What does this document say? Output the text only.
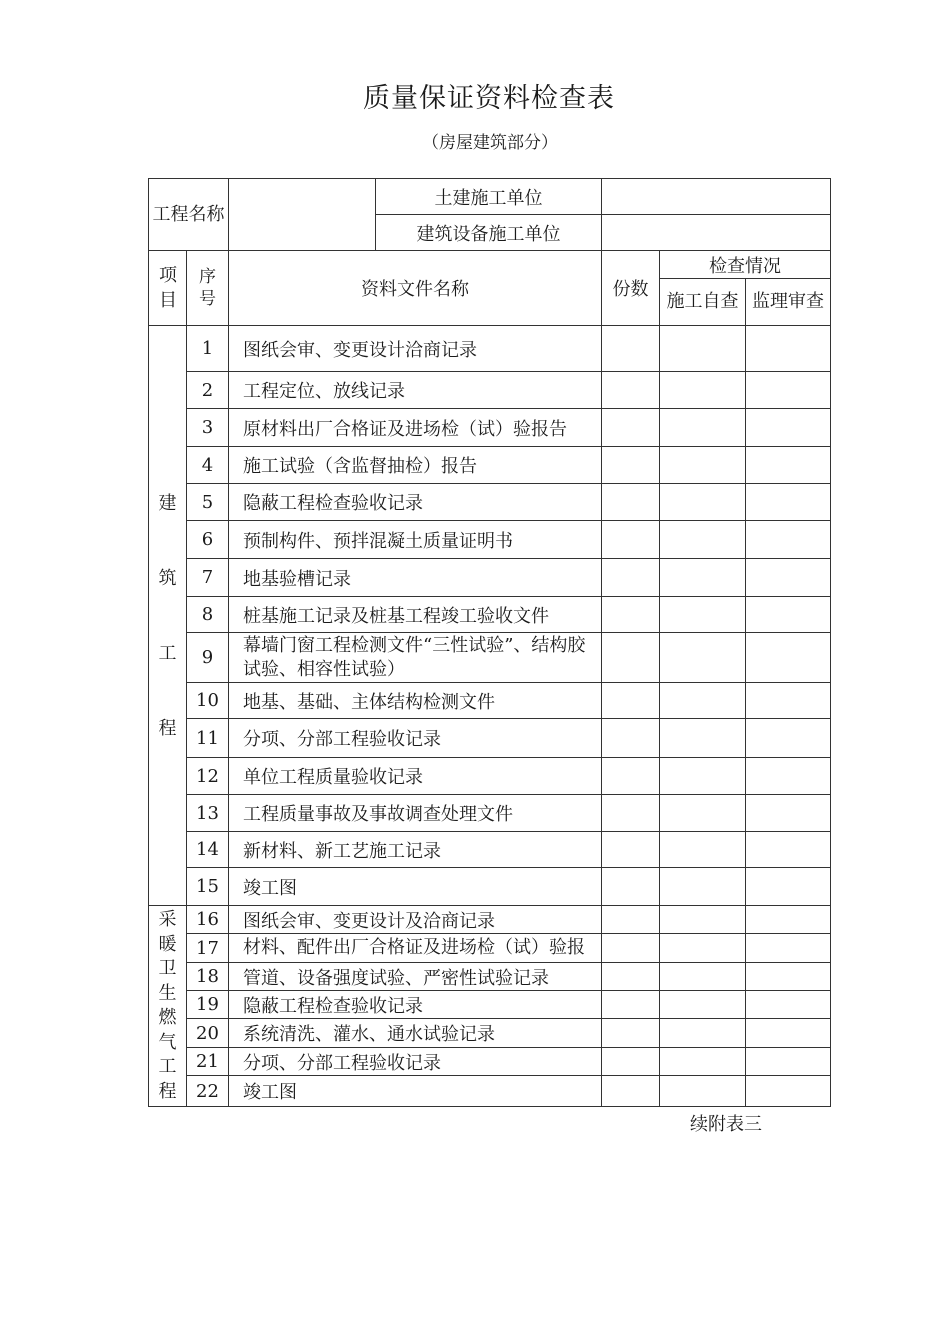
质量保证资料检查表
（房屋建筑部分）
工程名称			土建施工单位			
			建筑设备施工单位			
项目	序号	资料文件名称		份数	检查情况	
					施工自查	监理审查

建筑工程	1	图纸会审、变更设计洽商记录				
	2	工程定位、放线记录				
	3	原材料出厂合格证及进场检（试）验报告				
	4	施工试验（含监督抽检）报告				
	5	隐蔽工程检查验收记录				
	6	预制构件、预拌混凝土质量证明书				
	7	地基验槽记录				
	8	桩基施工记录及桩基工程竣工验收文件				
	9	幕墙门窗工程检测文件“三性试验”、结构胶试验、相容性试验）				
	10	地基、基础、主体结构检测文件				
	11	分项、分部工程验收记录				
	12	单位工程质量验收记录				
	13	工程质量事故及事故调查处理文件				
	14	新材料、新工艺施工记录				
	15	竣工图				

采暖卫生燃气工程	16	图纸会审、变更设计及洽商记录				
	17	材料、配件出厂合格证及进场检（试）验报				

	18	管道、设备强度试验、严密性试验记录				
	19	隐蔽工程检查验收记录				
	20	系统清洗、灌水、通水试验记录				
	21	分项、分部工程验收记录				
	22	竣工图				
续附表三
